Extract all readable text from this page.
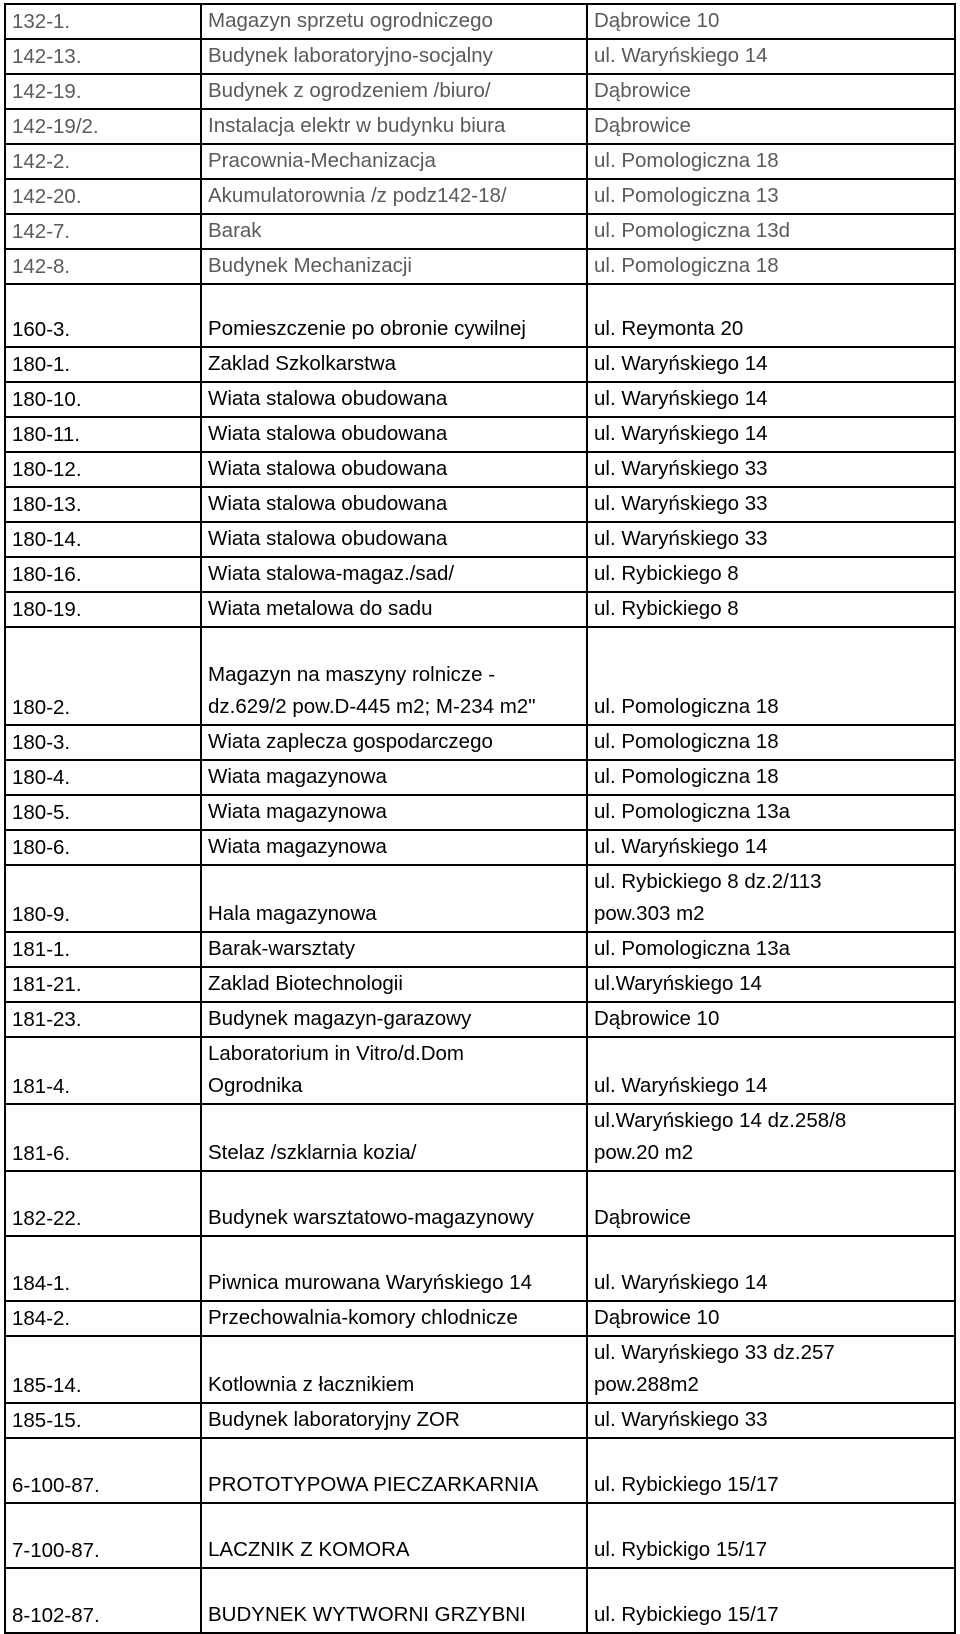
132-1.	Magazyn sprzetu ogrodniczego	Dąbrowice 10

142-13.	Budynek laboratoryjno-socjalny	ul. Waryńskiego 14

142-19.	Budynek z ogrodzeniem /biuro/	Dąbrowice

142-19/2.	Instalacja elektr w budynku biura	Dąbrowice

142-2.	Pracownia-Mechanizacja	ul. Pomologiczna 18

142-20.	Akumulatorownia /z podz142-18/	ul. Pomologiczna 13

142-7.	Barak	ul. Pomologiczna 13d

142-8.	Budynek Mechanizacji	ul. Pomologiczna 18

160-3.	Pomieszczenie po obronie cywilnej	ul. Reymonta 20

180-1.	Zaklad Szkolkarstwa	ul. Waryńskiego 14

180-10.	Wiata stalowa obudowana	ul. Waryńskiego 14

180-11.	Wiata stalowa obudowana	ul. Waryńskiego 14

180-12.	Wiata stalowa obudowana	ul. Waryńskiego 33

180-13.	Wiata stalowa obudowana	ul. Waryńskiego 33

180-14.	Wiata stalowa obudowana	ul. Waryńskiego 33

180-16.	Wiata stalowa-magaz./sad/	ul. Rybickiego 8

180-19.	Wiata metalowa do sadu	ul. Rybickiego 8

180-2.	Magazyn na maszyny rolnicze -
dz.629/2 pow.D-445 m2; M-234 m2"	ul. Pomologiczna 18

180-3.	Wiata zaplecza gospodarczego	ul. Pomologiczna 18

180-4.	Wiata magazynowa	ul. Pomologiczna 18

180-5.	Wiata magazynowa	ul. Pomologiczna 13a

180-6.	Wiata magazynowa	ul. Waryńskiego 14

180-9.	Hala magazynowa	ul. Rybickiego 8 dz.2/113
pow.303 m2

181-1.	Barak-warsztaty	ul. Pomologiczna 13a

181-21.	Zaklad Biotechnologii	ul.Waryńskiego 14

181-23.	Budynek magazyn-garazowy	Dąbrowice 10

181-4.	Laboratorium in Vitro/d.Dom
Ogrodnika	ul. Waryńskiego 14

181-6.	Stelaz /szklarnia kozia/	ul.Waryńskiego 14 dz.258/8
pow.20 m2

182-22.	Budynek warsztatowo-magazynowy	Dąbrowice

184-1.	Piwnica murowana Waryńskiego 14	ul. Waryńskiego 14

184-2.	Przechowalnia-komory chlodnicze	Dąbrowice 10

185-14.	Kotlownia z łacznikiem	ul. Waryńskiego 33 dz.257
pow.288m2

185-15.	Budynek laboratoryjny ZOR	ul. Waryńskiego 33

6-100-87.	PROTOTYPOWA PIECZARKARNIA	ul. Rybickiego 15/17

7-100-87.	LACZNIK Z KOMORA	ul. Rybickigo 15/17

8-102-87.	BUDYNEK WYTWORNI GRZYBNI	ul. Rybickiego 15/17
